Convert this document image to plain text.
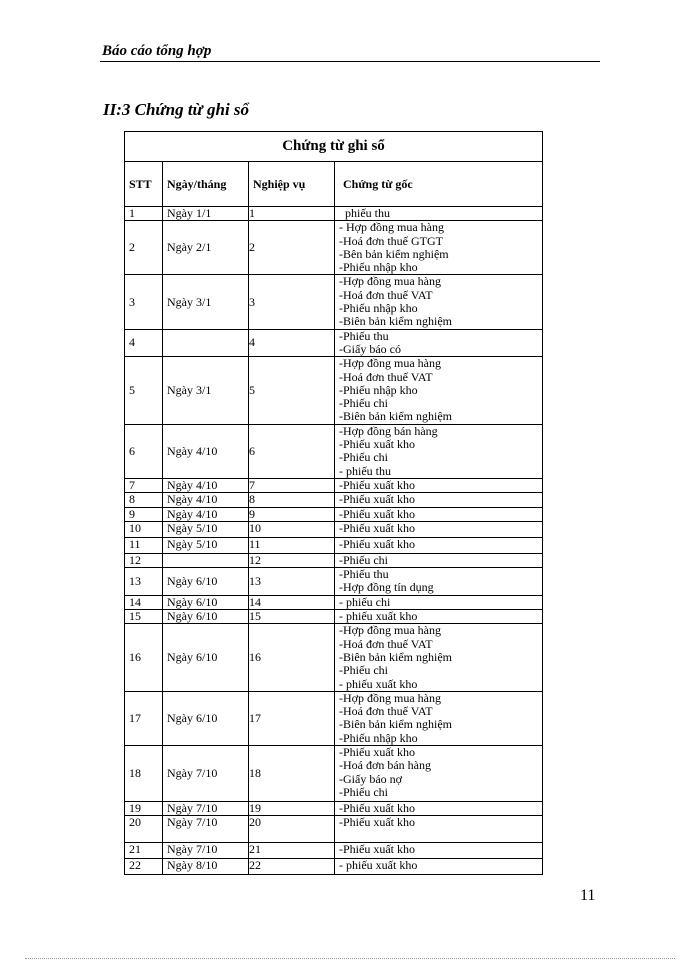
Báo cáo tổng hợp
II:3 Chứng từ ghi sổ
Chứng từ ghi sổ			
STT	Ngày/tháng	Nghiệp vụ	Chứng từ gốc
1	Ngày 1/1	1	phiếu thu

2	Ngày 2/1	2	- Hợp đồng mua hàng
-Hoá đơn thuế GTGT
-Bên bản kiểm nghiệm
-Phiếu nhập kho

3	Ngày 3/1	3	-Hợp đồng mua hàng
-Hoá đơn thuế VAT
-Phiếu nhập kho
-Biên bản kiểm nghiệm

4		4	-Phiếu thu
-Giấy báo có

5	Ngày 3/1	5	-Hợp đồng mua hàng
-Hoá đơn thuế VAT
-Phiếu nhập kho
-Phiếu chi
-Biên bản kiểm nghiệm

6	Ngày 4/10	6	-Hợp đồng bán hàng
-Phiếu xuất kho
-Phiếu chi
- phiếu thu

7	Ngày 4/10	7	-Phiếu xuất kho

8	Ngày 4/10	8	-Phiếu xuất kho

9	Ngày 4/10	9	-Phiếu xuất kho

10	Ngày 5/10	10	-Phiếu xuất kho

11	Ngày 5/10	11	-Phiếu xuất kho

12		12	-Phiếu chi

13	Ngày 6/10	13	-Phiếu thu
-Hợp đồng tín dụng

14	Ngày 6/10	14	- phiếu chi

15	Ngày 6/10	15	- phiếu xuất kho

16	Ngày 6/10	16	-Hợp đồng mua hàng
-Hoá đơn thuế VAT
-Biên bản kiểm nghiệm
-Phiếu chi
- phiếu xuất kho

17	Ngày 6/10	17	-Hợp đồng mua hàng
-Hoá đơn thuế VAT
-Biên bản kiểm nghiệm
-Phiếu nhập kho

18	Ngày 7/10	18	-Phiếu xuất kho
-Hoá đơn bán hàng
-Giấy báo nợ
-Phiếu chi

19	Ngày 7/10	19	-Phiếu xuất kho

20	Ngày 7/10	20	-Phiếu xuất kho

21	Ngày 7/10	21	-Phiếu xuất kho

22	Ngày 8/10	22	- phiếu xuất kho
11
